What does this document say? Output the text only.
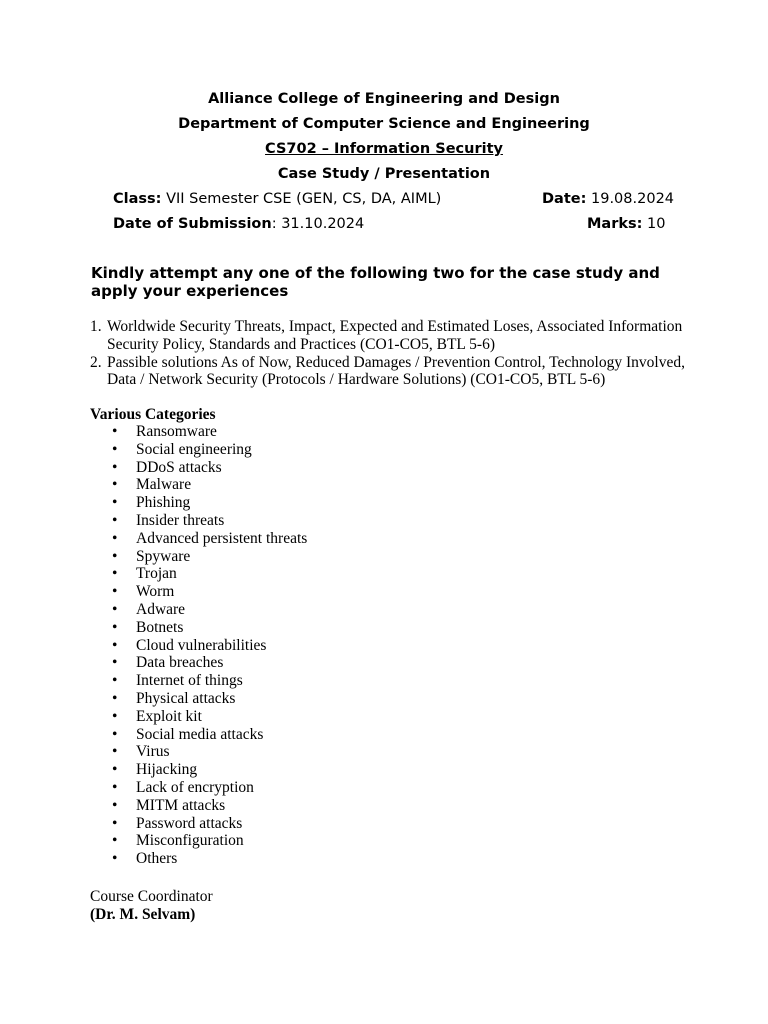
Alliance College of Engineering and Design
Department of Computer Science and Engineering
CS702 – Information Security
Case Study / Presentation
Class: VII Semester CSE (GEN, CS, DA, AIML)	Date: 19.08.2024
Date of Submission: 31.10.2024	Marks: 10
Kindly attempt any one of the following two for the case study and apply your experiences
1. Worldwide Security Threats, Impact, Expected and Estimated Loses, Associated Information Security Policy, Standards and Practices (CO1-CO5, BTL 5-6)
2. Passible solutions As of Now, Reduced Damages / Prevention Control, Technology Involved, Data / Network Security (Protocols / Hardware Solutions) (CO1-CO5, BTL 5-6)
Various Categories
• Ransomware
• Social engineering
• DDoS attacks
• Malware
• Phishing
• Insider threats
• Advanced persistent threats
• Spyware
• Trojan
• Worm
• Adware
• Botnets
• Cloud vulnerabilities
• Data breaches
• Internet of things
• Physical attacks
• Exploit kit
• Social media attacks
• Virus
• Hijacking
• Lack of encryption
• MITM attacks
• Password attacks
• Misconfiguration
• Others
Course Coordinator
(Dr. M. Selvam)
